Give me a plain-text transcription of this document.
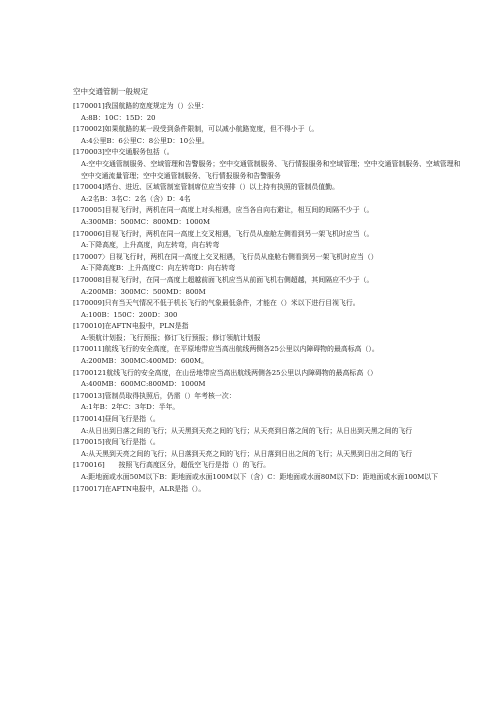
空中交通管制一般规定
[170001]我国航路的宽度规定为（）公里：
A:8B：10C：15D：20
[170002]如果航路的某一段受到条件限制，可以减小航路宽度，但不得小于（。
A:4公里B：6公里C：8公里D：10公里。
[170003]空中交通服务包括（。
A:空中交通管制服务、空域管理和告警服务；空中交通管制服务、飞行情报服务和空域管理；空中交通管制服务、空域管理和空中交通流量管理；空中交通管制服务、飞行情报服务和告警服务
[170004]塔台、进近、区域管制室管制席位应当安排（）以上持有执照的管制员值勤。
A:2名B：3名C：2名（含）D：4名
[170005]目视飞行时，两机在同一高度上对头相遇，应当各自向右避让，相互间的间隔不少于（。
A:300MB：500MC：800MD：1000M
[170006]目视飞行时，两机在同一高度上交叉相遇，飞行员从座舱左侧看到另一架飞机时应当（。
A:下降高度，上升高度，向左转弯，向右转弯
[170007〉目视飞行时，两机在同一高度上交叉相遇，飞行员从座舱右侧看到另一架飞机时应当（）
A:下降高度B：上升高度C：向左转弯D：向右转弯
[170008]目视飞行时，在同一高度上超越前面飞机应当从前面飞机右侧超越，其间隔应不少于（。
A:200MB：300MC：500MD：800M
[170009]只有当天气情况不低于机长飞行的气象最低条件，才能在（）米以下进行目视飞行。
A:100B：150C：200D：300
[170010]在AFTN电报中，PLN是指
A:领航计划报；飞行预报；修订飞行预报；修订领航计划报
[170011]航线飞行的安全高度，在平原地带应当高出航线两侧各25公里以内障碍物的最高标高（）。
A:200MB：300MC:400MD：600M。
[1700121航线飞行的安全高度，在山岳地带应当高出航线两侧各25公里以内障碍物的最高标高（）
A:400MB：600MC:800MD：1000M
[170013]管制员取得执照后，仍需（）年考核一次：
A:1年B：2年C：3年D：半年。
[170014]昼间飞行是指（。
A:从日出到日落之间的飞行；从天黑到天亮之间的飞行；从天亮到日落之间的飞行；从日出到天黑之间的飞行
[170015]夜间飞行是指（。
A:从天黑到天亮之间的飞行；从日落到天亮之间的飞行；从日落到日出之间的飞行；从天黑到日出之间的飞行
[170016]　　按照飞行高度区分，超低空飞行是指（）的飞行。
A:距地面或水面50M以下B：距地面或水面100M以下（含）C：距地面或水面80M以下D：距地面或水面100M以下
[170017]在AFTN电报中，ALR是指（）。
